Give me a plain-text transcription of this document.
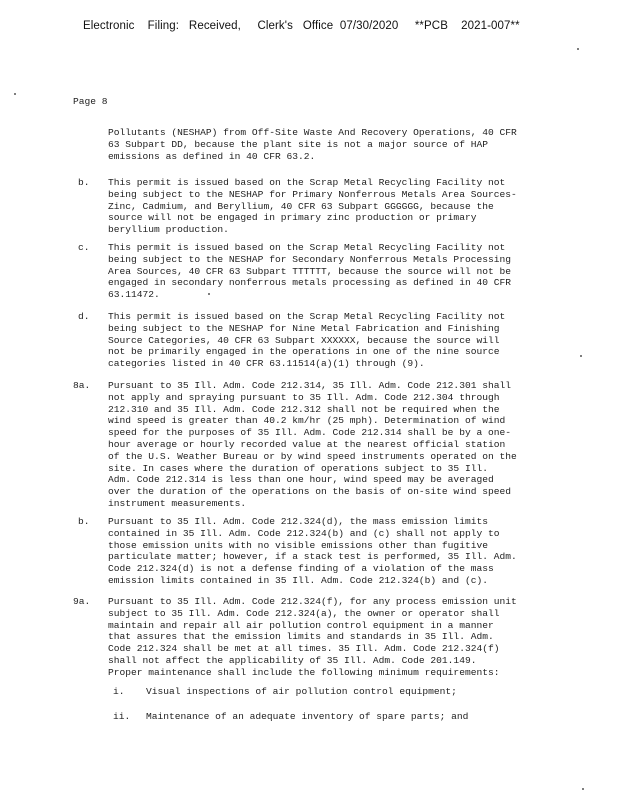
Electronic    Filing:   Received,     Clerk's   Office  07/30/2020     **PCB    2021-007**
Page 8
Pollutants (NESHAP) from Off-Site Waste And Recovery Operations, 40 CFR
63 Subpart DD, because the plant site is not a major source of HAP
emissions as defined in 40 CFR 63.2.
b. This permit is issued based on the Scrap Metal Recycling Facility not
being subject to the NESHAP for Primary Nonferrous Metals Area Sources-
Zinc, Cadmium, and Beryllium, 40 CFR 63 Subpart GGGGGG, because the
source will not be engaged in primary zinc production or primary
beryllium production.
c. This permit is issued based on the Scrap Metal Recycling Facility not
being subject to the NESHAP for Secondary Nonferrous Metals Processing
Area Sources, 40 CFR 63 Subpart TTTTTT, because the source will not be
engaged in secondary nonferrous metals processing as defined in 40 CFR
63.11472.
d. This permit is issued based on the Scrap Metal Recycling Facility not
being subject to the NESHAP for Nine Metal Fabrication and Finishing
Source Categories, 40 CFR 63 Subpart XXXXXX, because the source will
not be primarily engaged in the operations in one of the nine source
categories listed in 40 CFR 63.11514(a)(1) through (9).
8a. Pursuant to 35 Ill. Adm. Code 212.314, 35 Ill. Adm. Code 212.301 shall
not apply and spraying pursuant to 35 Ill. Adm. Code 212.304 through
212.310 and 35 Ill. Adm. Code 212.312 shall not be required when the
wind speed is greater than 40.2 km/hr (25 mph). Determination of wind
speed for the purposes of 35 Ill. Adm. Code 212.314 shall be by a one-
hour average or hourly recorded value at the nearest official station
of the U.S. Weather Bureau or by wind speed instruments operated on the
site. In cases where the duration of operations subject to 35 Ill.
Adm. Code 212.314 is less than one hour, wind speed may be averaged
over the duration of the operations on the basis of on-site wind speed
instrument measurements.
b. Pursuant to 35 Ill. Adm. Code 212.324(d), the mass emission limits
contained in 35 Ill. Adm. Code 212.324(b) and (c) shall not apply to
those emission units with no visible emissions other than fugitive
particulate matter; however, if a stack test is performed, 35 Ill. Adm.
Code 212.324(d) is not a defense finding of a violation of the mass
emission limits contained in 35 Ill. Adm. Code 212.324(b) and (c).
9a. Pursuant to 35 Ill. Adm. Code 212.324(f), for any process emission unit
subject to 35 Ill. Adm. Code 212.324(a), the owner or operator shall
maintain and repair all air pollution control equipment in a manner
that assures that the emission limits and standards in 35 Ill. Adm.
Code 212.324 shall be met at all times. 35 Ill. Adm. Code 212.324(f)
shall not affect the applicability of 35 Ill. Adm. Code 201.149.
Proper maintenance shall include the following minimum requirements:
i. Visual inspections of air pollution control equipment;
ii. Maintenance of an adequate inventory of spare parts; and
